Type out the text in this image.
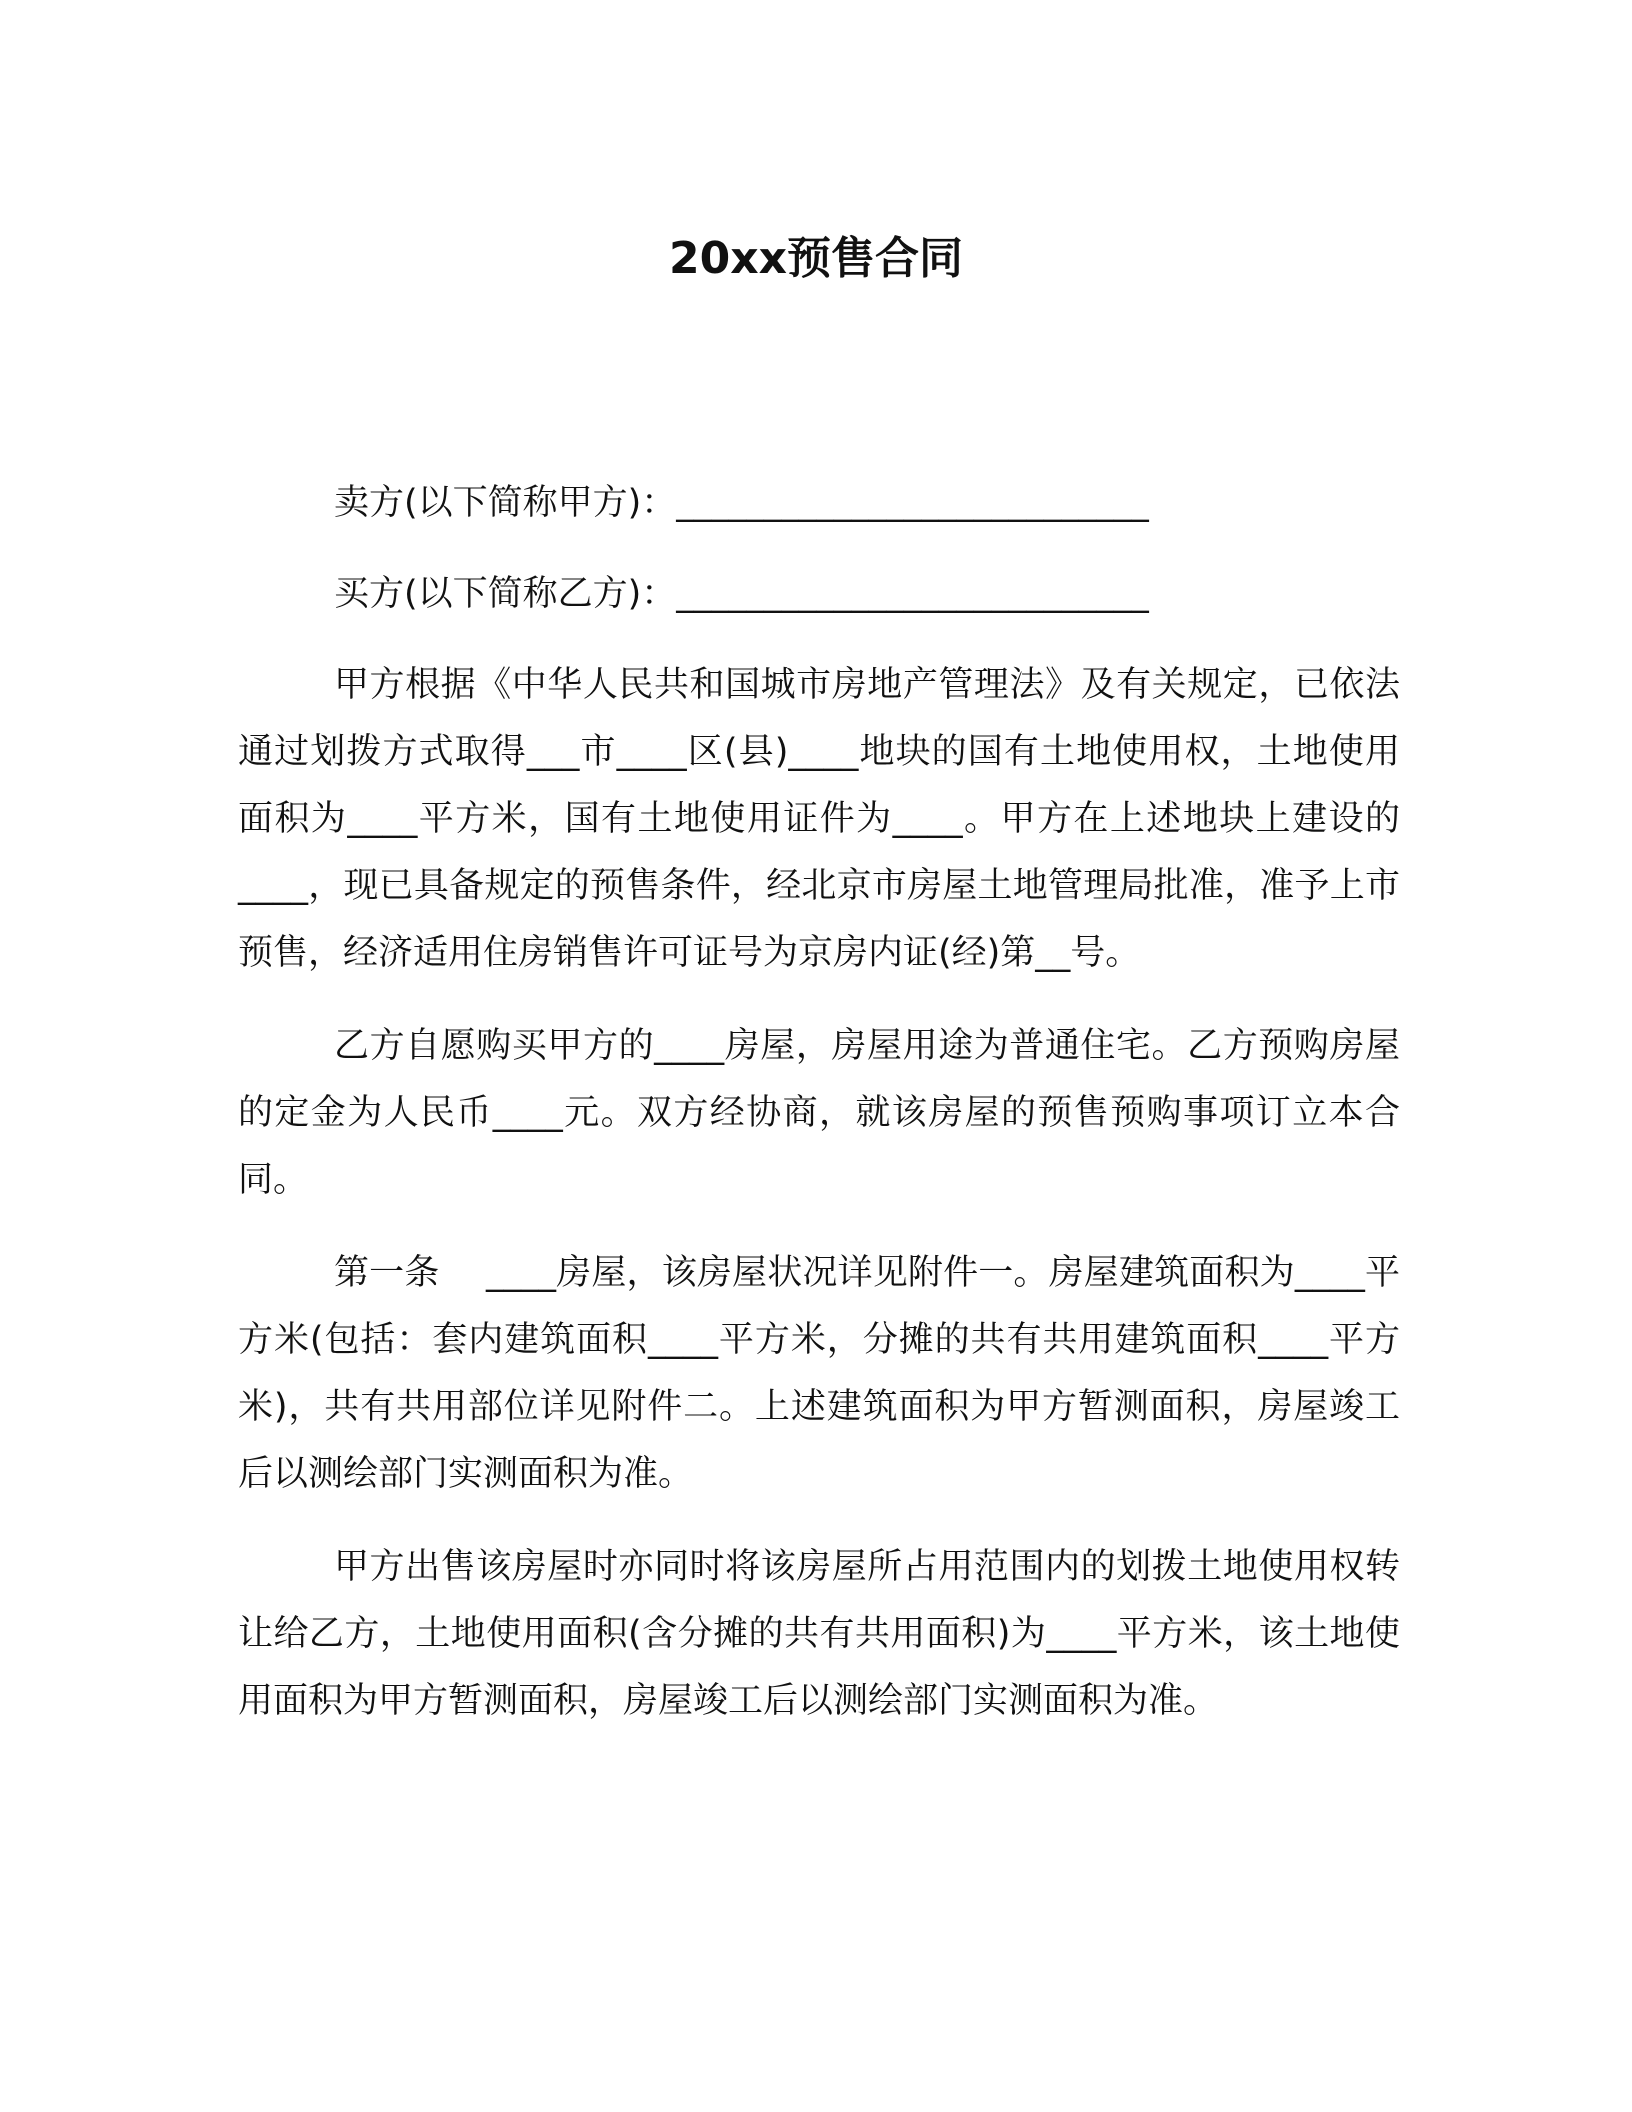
20xx预售合同

卖方(以下简称甲方)：___________________________

买方(以下简称乙方)：___________________________

甲方根据《中华人民共和国城市房地产管理法》及有关规定，已依法通过划拨方式取得___市____区(县)____地块的国有土地使用权，土地使用面积为____平方米，国有土地使用证件为____。甲方在上述地块上建设的____，现已具备规定的预售条件，经北京市房屋土地管理局批准，准予上市预售，经济适用住房销售许可证号为京房内证(经)第__号。

乙方自愿购买甲方的____房屋，房屋用途为普通住宅。乙方预购房屋的定金为人民币____元。双方经协商，就该房屋的预售预购事项订立本合同。

第一条　 ____房屋，该房屋状况详见附件一。房屋建筑面积为____平方米(包括：套内建筑面积____平方米，分摊的共有共用建筑面积____平方米)，共有共用部位详见附件二。上述建筑面积为甲方暂测面积，房屋竣工后以测绘部门实测面积为准。

甲方出售该房屋时亦同时将该房屋所占用范围内的划拨土地使用权转让给乙方，土地使用面积(含分摊的共有共用面积)为____平方米，该土地使用面积为甲方暂测面积，房屋竣工后以测绘部门实测面积为准。
